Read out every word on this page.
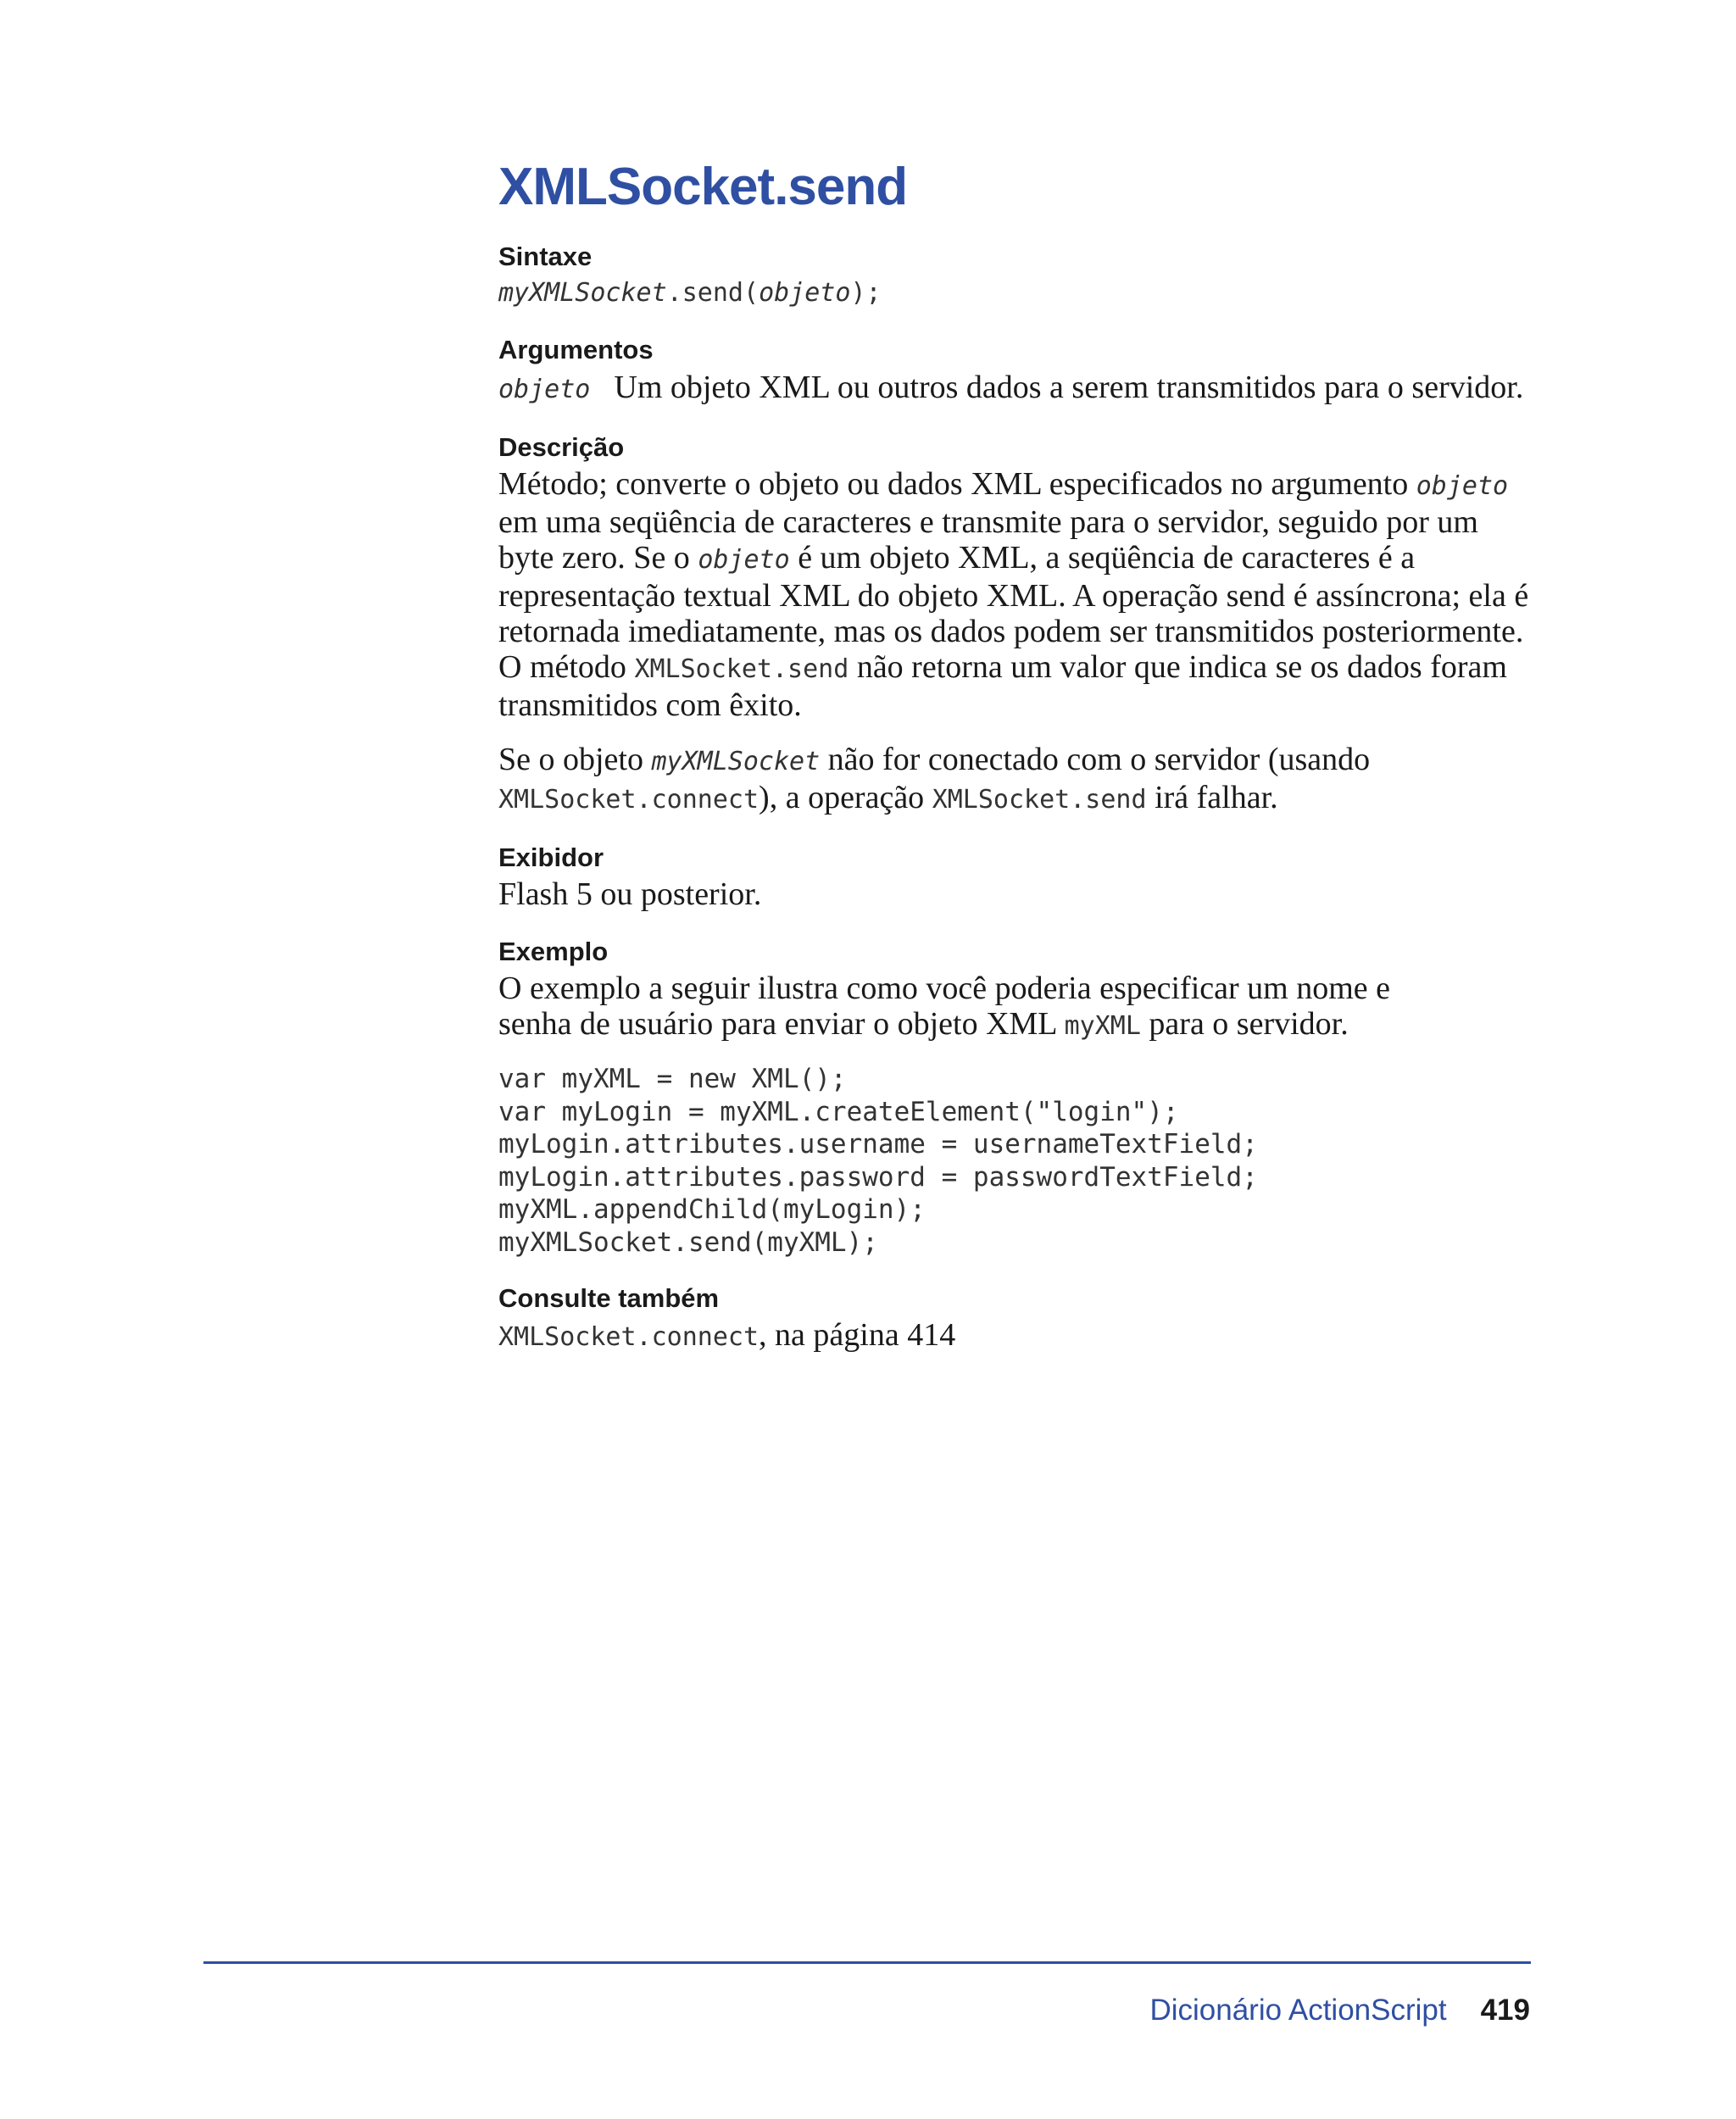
XMLSocket.send
Sintaxe

myXMLSocket.send(objeto);

Argumentos

objeto Um objeto XML ou outros dados a serem transmitidos para o servidor.

Descrição

Método; converte o objeto ou dados XML especificados no argumento objeto em uma seqüência de caracteres e transmite para o servidor, seguido por um byte zero. Se o objeto é um objeto XML, a seqüência de caracteres é a representação textual XML do objeto XML. A operação send é assíncrona; ela é retornada imediatamente, mas os dados podem ser transmitidos posteriormente. O método XMLSocket.send não retorna um valor que indica se os dados foram transmitidos com êxito.

Se o objeto myXMLSocket não for conectado com o servidor (usando XMLSocket.connect), a operação XMLSocket.send irá falhar.

Exibidor

Flash 5 ou posterior.

Exemplo

O exemplo a seguir ilustra como você poderia especificar um nome e senha de usuário para enviar o objeto XML myXML para o servidor.

var myXML = new XML();
var myLogin = myXML.createElement("login");
myLogin.attributes.username = usernameTextField;
myLogin.attributes.password = passwordTextField;
myXML.appendChild(myLogin);
myXMLSocket.send(myXML);
Consulte também

XMLSocket.connect, na página 414

Dicionário ActionScript 419
